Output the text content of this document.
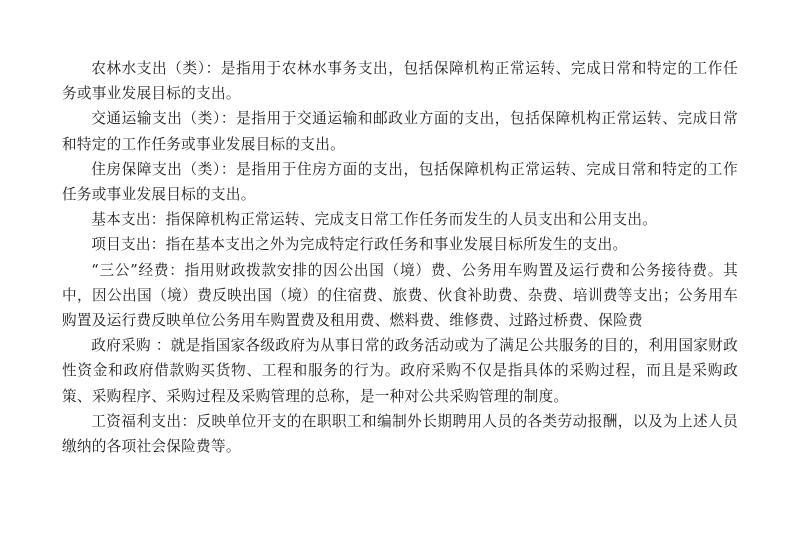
农林水支出（类）：是指用于农林水事务支出，包括保障机构正常运转、完成日常和特定的工作任务或事业发展目标的支出。

交通运输支出（类）：是指用于交通运输和邮政业方面的支出，包括保障机构正常运转、完成日常和特定的工作任务或事业发展目标的支出。

住房保障支出（类）：是指用于住房方面的支出，包括保障机构正常运转、完成日常和特定的工作任务或事业发展目标的支出。

基本支出：指保障机构正常运转、完成支日常工作任务而发生的人员支出和公用支出。

项目支出：指在基本支出之外为完成特定行政任务和事业发展目标所发生的支出。

“三公”经费：指用财政拨款安排的因公出国（境）费、公务用车购置及运行费和公务接待费。其中，因公出国（境）费反映出国（境）的住宿费、旅费、伙食补助费、杂费、培训费等支出；公务用车购置及运行费反映单位公务用车购置费及租用费、燃料费、维修费、过路过桥费、保险费

政府采购 ：就是指国家各级政府为从事日常的政务活动或为了满足公共服务的目的，利用国家财政性资金和政府借款购买货物、工程和服务的行为。政府采购不仅是指具体的采购过程，而且是采购政策、采购程序、采购过程及采购管理的总称，是一种对公共采购管理的制度。

工资福利支出：反映单位开支的在职职工和编制外长期聘用人员的各类劳动报酬，以及为上述人员缴纳的各项社会保险费等。
